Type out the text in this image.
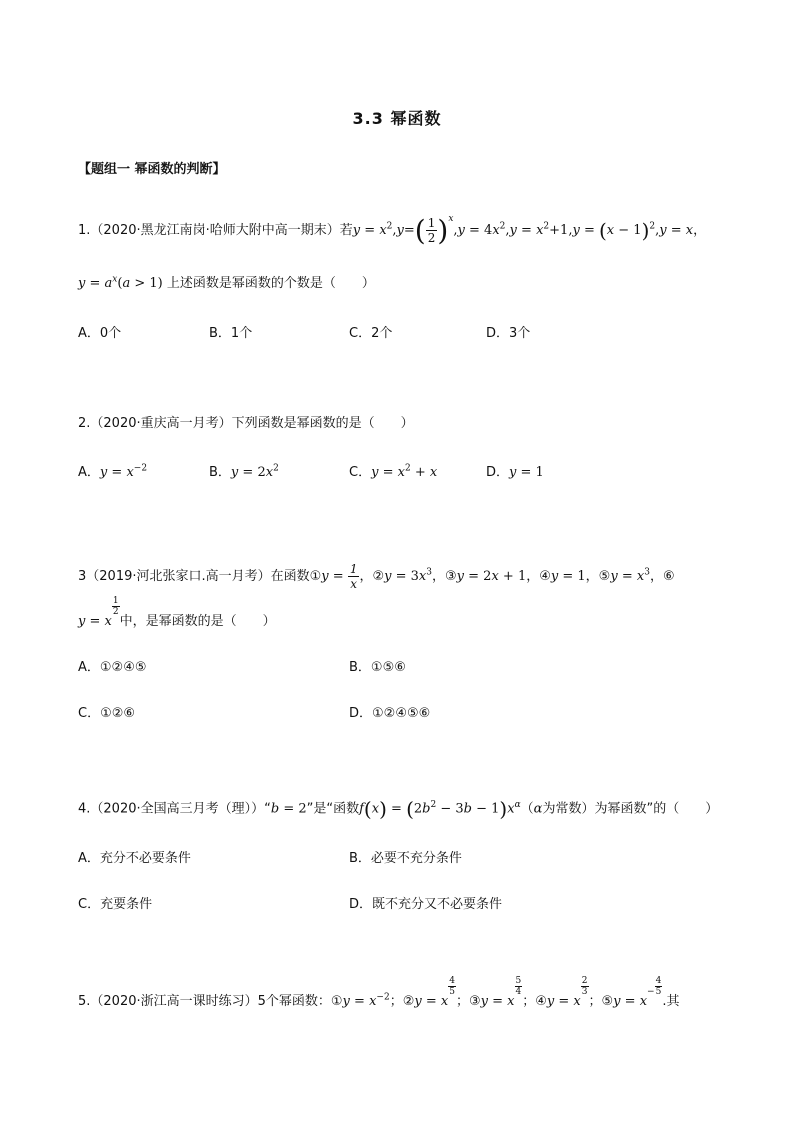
3.3 幂函数
【题组一 幂函数的判断】
1.（2020·黑龙江南岗·哈师大附中高一期末）若$y = x^2,y=( \frac{1}{2} )^x,y = 4x^2,y = x^2+1,y = (x - 1)^2,y = x$，
$y = a^x(a > 1)$ 上述函数是幂函数的个数是（　　）
A．0个	B．1个	C．2个	D．3个
2.（2020·重庆高一月考）下列函数是幂函数的是（　　）
A．$y = x^{-2}$	B．$y = 2x^2$	C．$y = x^2 + x$	D．y = 1
3（2019·河北张家口.高一月考）在函数①y = $\frac{1}{x}$ ，②y = $3x^3$，③y = 2x + 1，④y = 1，⑤y = $x^3$，⑥
y = x
$\frac{1}{2}$
中，是幂函数的是（　　）
A．①②④⑤	B．①⑤⑥
C．①②⑥	D．①②④⑤⑥
4.（2020·全国高三月考（理））“b = 2”是“函数$f(x) = (2b^2 - 3b - 1)x^\alpha(\alpha$为常数）为幂函数”的（　　）
A．充分不必要条件	B．必要不充分条件
C．充要条件	D．既不充分又不必要条件
5.（2020·浙江高一课时练习）5个幂函数：①y = $x^{-2}$；②y = x
$\frac{4}{5}$
；③y = x
$\frac{5}{4}$
；④y = x
$\frac{2}{3}$
；⑤y = $x^- \frac{4}{5}$
.其
